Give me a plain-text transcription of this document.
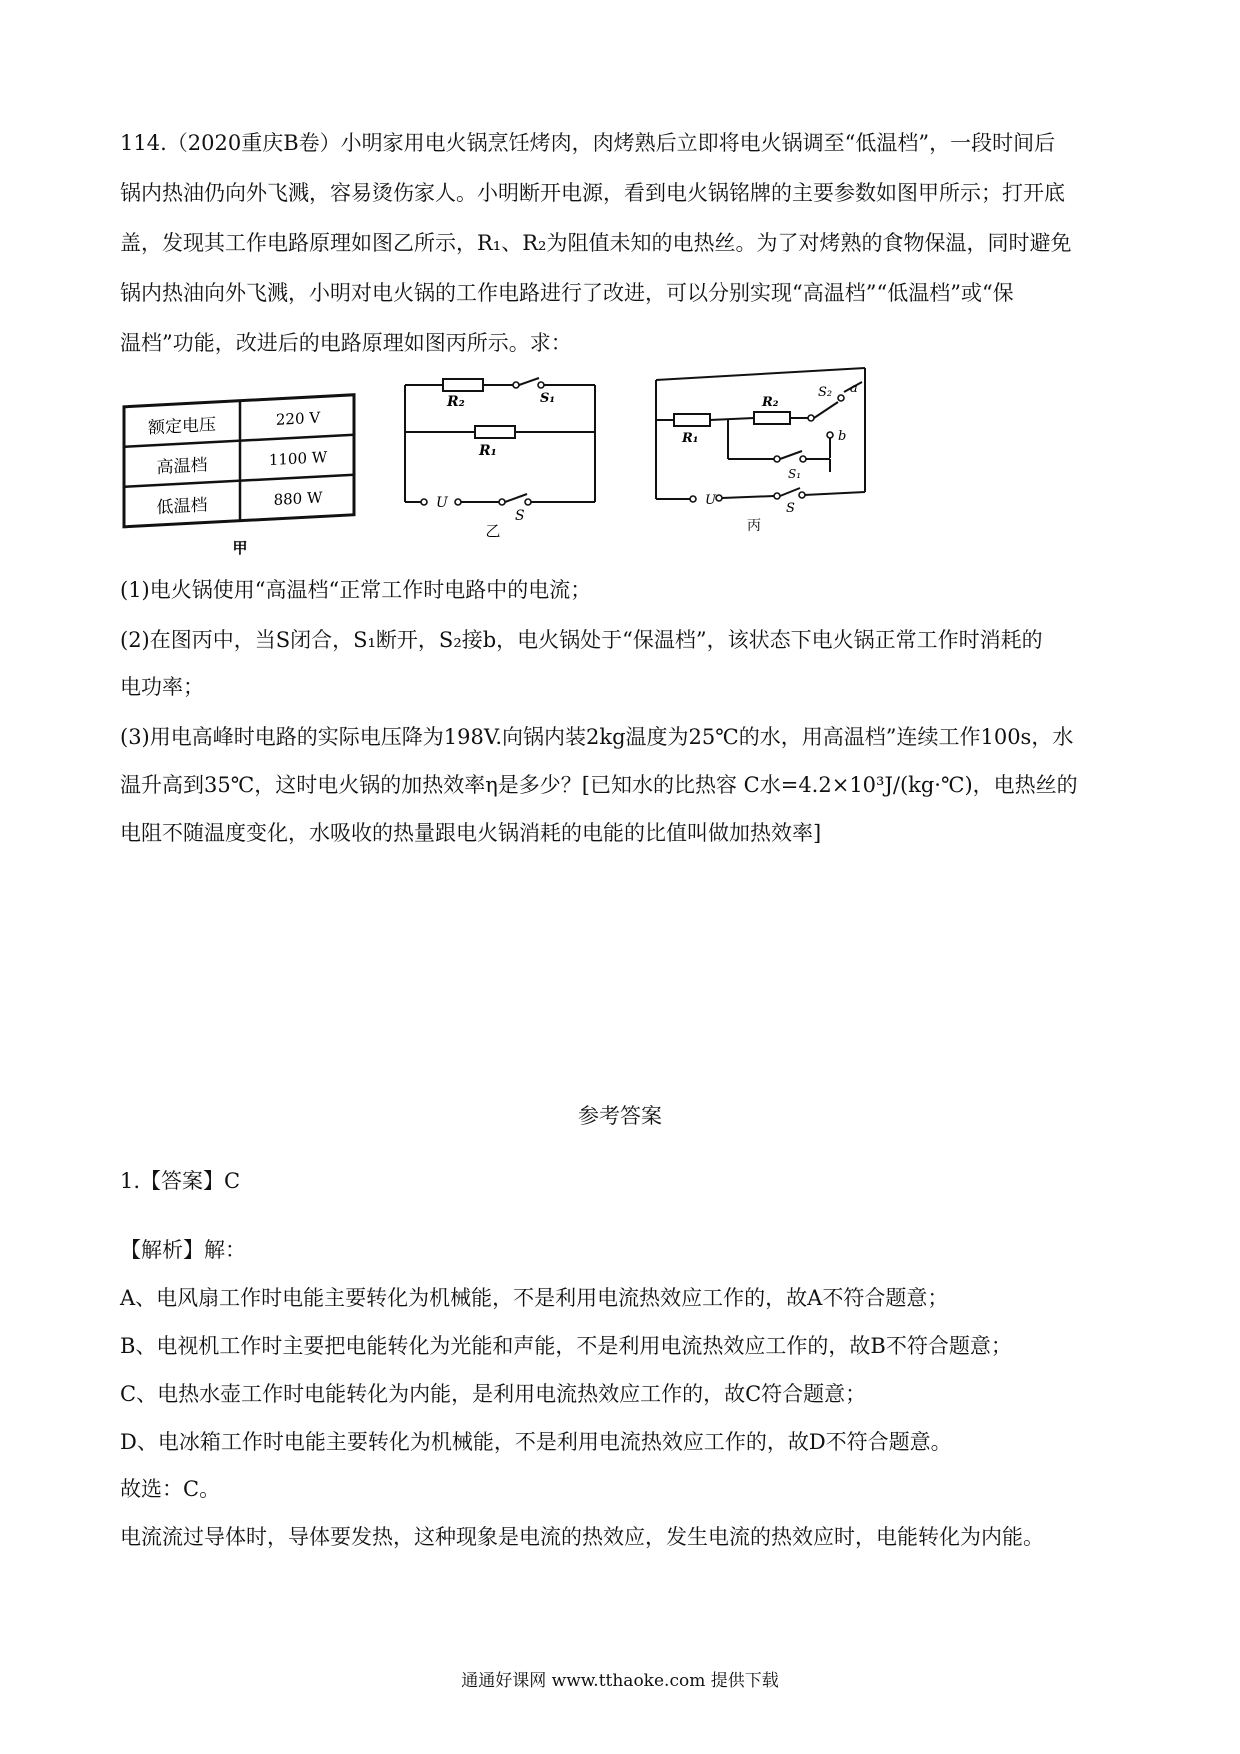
114.（2020重庆B卷）小明家用电火锅烹饪烤肉，肉烤熟后立即将电火锅调至“低温档”，一段时间后

锅内热油仍向外飞溅，容易烫伤家人。小明断开电源，看到电火锅铭牌的主要参数如图甲所示；打开底

盖，发现其工作电路原理如图乙所示，R₁、R₂为阻值未知的电热丝。为了对烤熟的食物保温，同时避免

锅内热油向外飞溅，小明对电火锅的工作电路进行了改进，可以分别实现“高温档”“低温档”或“保

温档”功能，改进后的电路原理如图丙所示。求：

额定电压	220 V
高温档	1100 W
低温档	880 W
甲
R₂	S₁
R₁
U
S
乙
R₁
R₂
S₂ a
b
S₁
U
S
丙

(1)电火锅使用“高温档“正常工作时电路中的电流；

(2)在图丙中，当S闭合，S₁断开，S₂接b，电火锅处于“保温档”，该状态下电火锅正常工作时消耗的

电功率；

(3)用电高峰时电路的实际电压降为198V.向锅内装2kg温度为25℃的水，用高温档”连续工作100s，水

温升高到35℃，这时电火锅的加热效率η是多少？[已知水的比热容 C水=4.2×10³J/(kg·℃)，电热丝的

电阻不随温度变化，水吸收的热量跟电火锅消耗的电能的比值叫做加热效率]

参考答案

1.【答案】C

【解析】解：

A、电风扇工作时电能主要转化为机械能，不是利用电流热效应工作的，故A不符合题意；

B、电视机工作时主要把电能转化为光能和声能，不是利用电流热效应工作的，故B不符合题意；

C、电热水壶工作时电能转化为内能，是利用电流热效应工作的，故C符合题意；

D、电冰箱工作时电能主要转化为机械能，不是利用电流热效应工作的，故D不符合题意。

故选：C。

电流流过导体时，导体要发热，这种现象是电流的热效应，发生电流的热效应时，电能转化为内能。

通通好课网 www.tthaoke.com 提供下载
